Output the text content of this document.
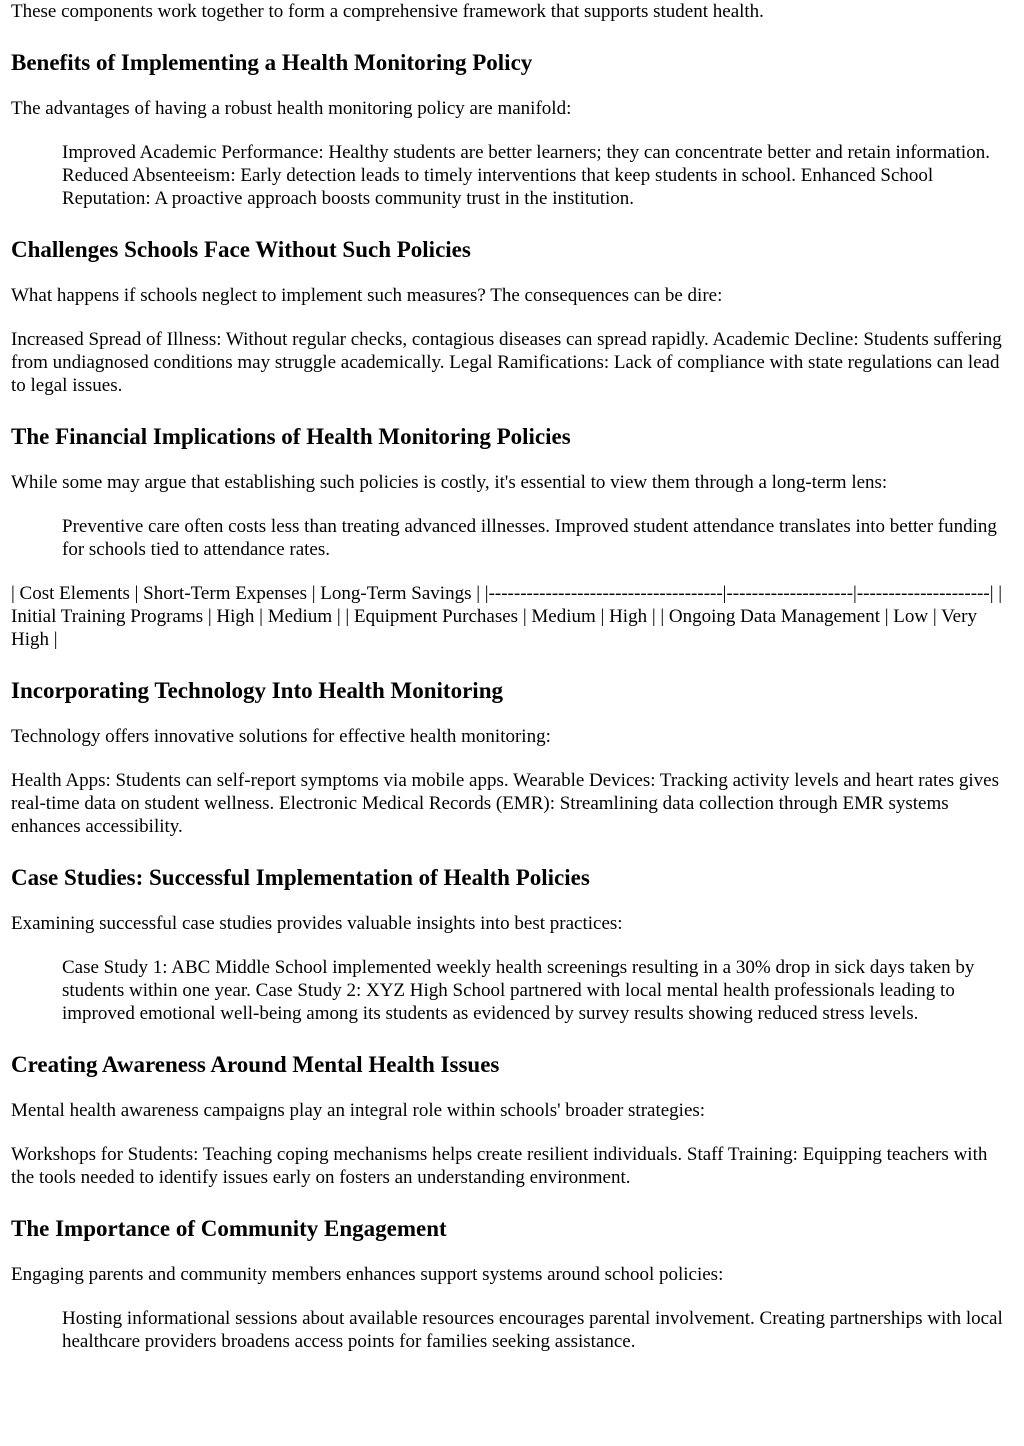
These components work together to form a comprehensive framework that supports student health.

Benefits of Implementing a Health Monitoring Policy

The advantages of having a robust health monitoring policy are manifold:

Improved Academic Performance: Healthy students are better learners; they can concentrate better and retain information. Reduced Absenteeism: Early detection leads to timely interventions that keep students in school. Enhanced School Reputation: A proactive approach boosts community trust in the institution.
Challenges Schools Face Without Such Policies

What happens if schools neglect to implement such measures? The consequences can be dire:

Increased Spread of Illness: Without regular checks, contagious diseases can spread rapidly. Academic Decline: Students suffering from undiagnosed conditions may struggle academically. Legal Ramifications: Lack of compliance with state regulations can lead to legal issues.

The Financial Implications of Health Monitoring Policies

While some may argue that establishing such policies is costly, it's essential to view them through a long-term lens:

Preventive care often costs less than treating advanced illnesses. Improved student attendance translates into better funding for schools tied to attendance rates.

| Cost Elements | Short-Term Expenses | Long-Term Savings | |-------------------------------------|--------------------|---------------------| | Initial Training Programs | High | Medium | | Equipment Purchases | Medium | High | | Ongoing Data Management | Low | Very High |

Incorporating Technology Into Health Monitoring

Technology offers innovative solutions for effective health monitoring:

Health Apps: Students can self-report symptoms via mobile apps. Wearable Devices: Tracking activity levels and heart rates gives real-time data on student wellness. Electronic Medical Records (EMR): Streamlining data collection through EMR systems enhances accessibility.

Case Studies: Successful Implementation of Health Policies

Examining successful case studies provides valuable insights into best practices:

Case Study 1: ABC Middle School implemented weekly health screenings resulting in a 30% drop in sick days taken by students within one year. Case Study 2: XYZ High School partnered with local mental health professionals leading to improved emotional well-being among its students as evidenced by survey results showing reduced stress levels.
Creating Awareness Around Mental Health Issues

Mental health awareness campaigns play an integral role within schools' broader strategies:

Workshops for Students: Teaching coping mechanisms helps create resilient individuals. Staff Training: Equipping teachers with the tools needed to identify issues early on fosters an understanding environment.

The Importance of Community Engagement

Engaging parents and community members enhances support systems around school policies:

Hosting informational sessions about available resources encourages parental involvement. Creating partnerships with local healthcare providers broadens access points for families seeking assistance.
